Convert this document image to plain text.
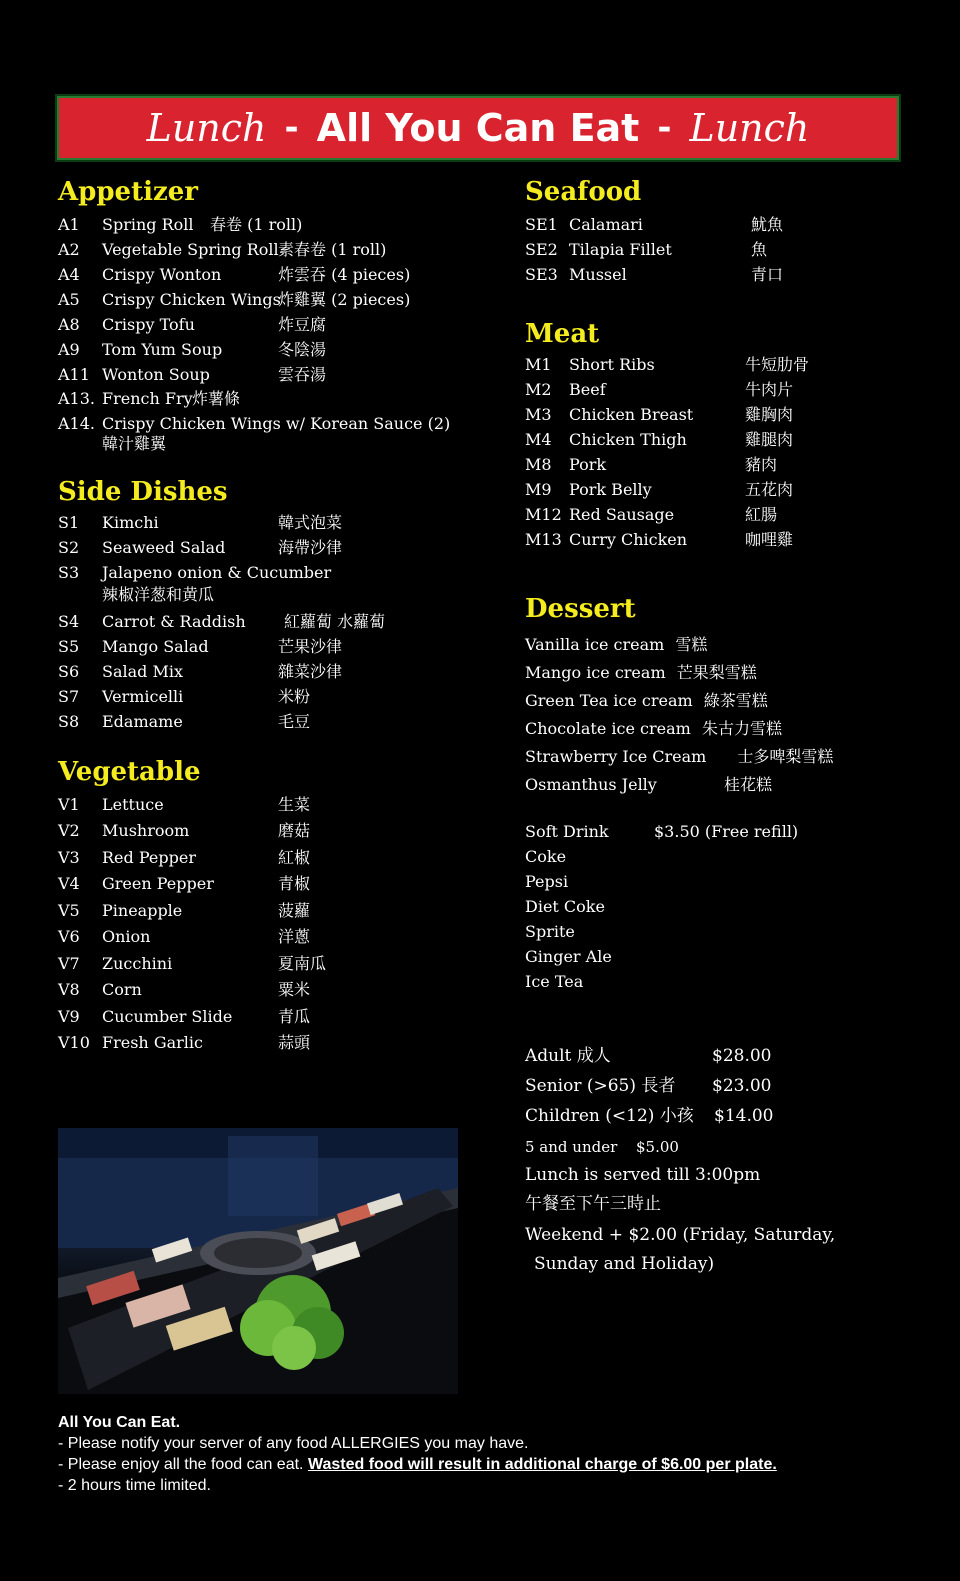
Lunch - All You Can Eat - Lunch
Appetizer
A1 Spring Roll 春卷 (1 roll)
A2 Vegetable Spring Roll 素春卷 (1 roll)
A4 Crispy Wonton	炸雲吞 (4 pieces)
A5 Crispy Chicken Wings
炸雞翼 (2 pieces)
A8 Crispy Tofu	炸豆腐
A9 Tom Yum Soup	冬陰湯
A11 Wonton Soup	雲吞湯
A13. French Fry 炸薯條
A14. Crispy Chicken Wings w/ Korean Sauce (2)
韓汁雞翼
Side Dishes
S1 Kimchi	韓式泡菜
S2 Seaweed Salad	海帶沙律
S3 Jalapeno onion & Cucumber
辣椒洋葱和黄瓜
S4 Carrot & Raddish 紅蘿蔔 水蘿蔔
S5 Mango Salad	芒果沙律
S6 Salad Mix	雜菜沙律
S7 Vermicelli	米粉
S8 Edamame	毛豆
Vegetable
V1 Lettuce	生菜
V2 Mushroom	磨菇
V3 Red Pepper	紅椒
V4 Green Pepper	青椒
V5 Pineapple	菠蘿
V6 Onion	洋蔥
V7 Zucchini	夏南瓜
V8 Corn	粟米
V9 Cucumber Slide	青瓜
V10 Fresh Garlic	蒜頭
Seafood
SE1 Calamari	魷魚
SE2 Tilapia Fillet	魚
SE3 Mussel	青口
Meat
M1 Short Ribs	牛短肋骨
M2 Beef	牛肉片
M3 Chicken Breast	雞胸肉
M4 Chicken Thigh	雞腿肉
M8 Pork	豬肉
M9 Pork Belly	五花肉
M12 Red Sausage	紅腸
M13 Curry Chicken	咖哩雞
Dessert
Vanilla ice cream 雪糕
Mango ice cream 芒果梨雪糕
Green Tea ice cream 綠茶雪糕
Chocolate ice cream 朱古力雪糕
Strawberry Ice Cream 士多啤梨雪糕
Osmanthus Jelly	桂花糕
Soft Drink	$3.50 (Free refill)
Coke
Pepsi
Diet Coke
Sprite
Ginger Ale
Ice Tea
Adult 成人	$28.00
Senior (>65) 長者 $23.00
Children (<12) 小孩 $14.00
5 and under $5.00
Lunch is served till 3:00pm
午餐至下午三時止
Weekend + $2.00 (Friday, Saturday,
Sunday and Holiday)
All You Can Eat.
- Please notify your server of any food ALLERGIES you may have.
- Please enjoy all the food can eat. Wasted food will result in additional charge of $6.00 per plate.
- 2 hours time limited.
